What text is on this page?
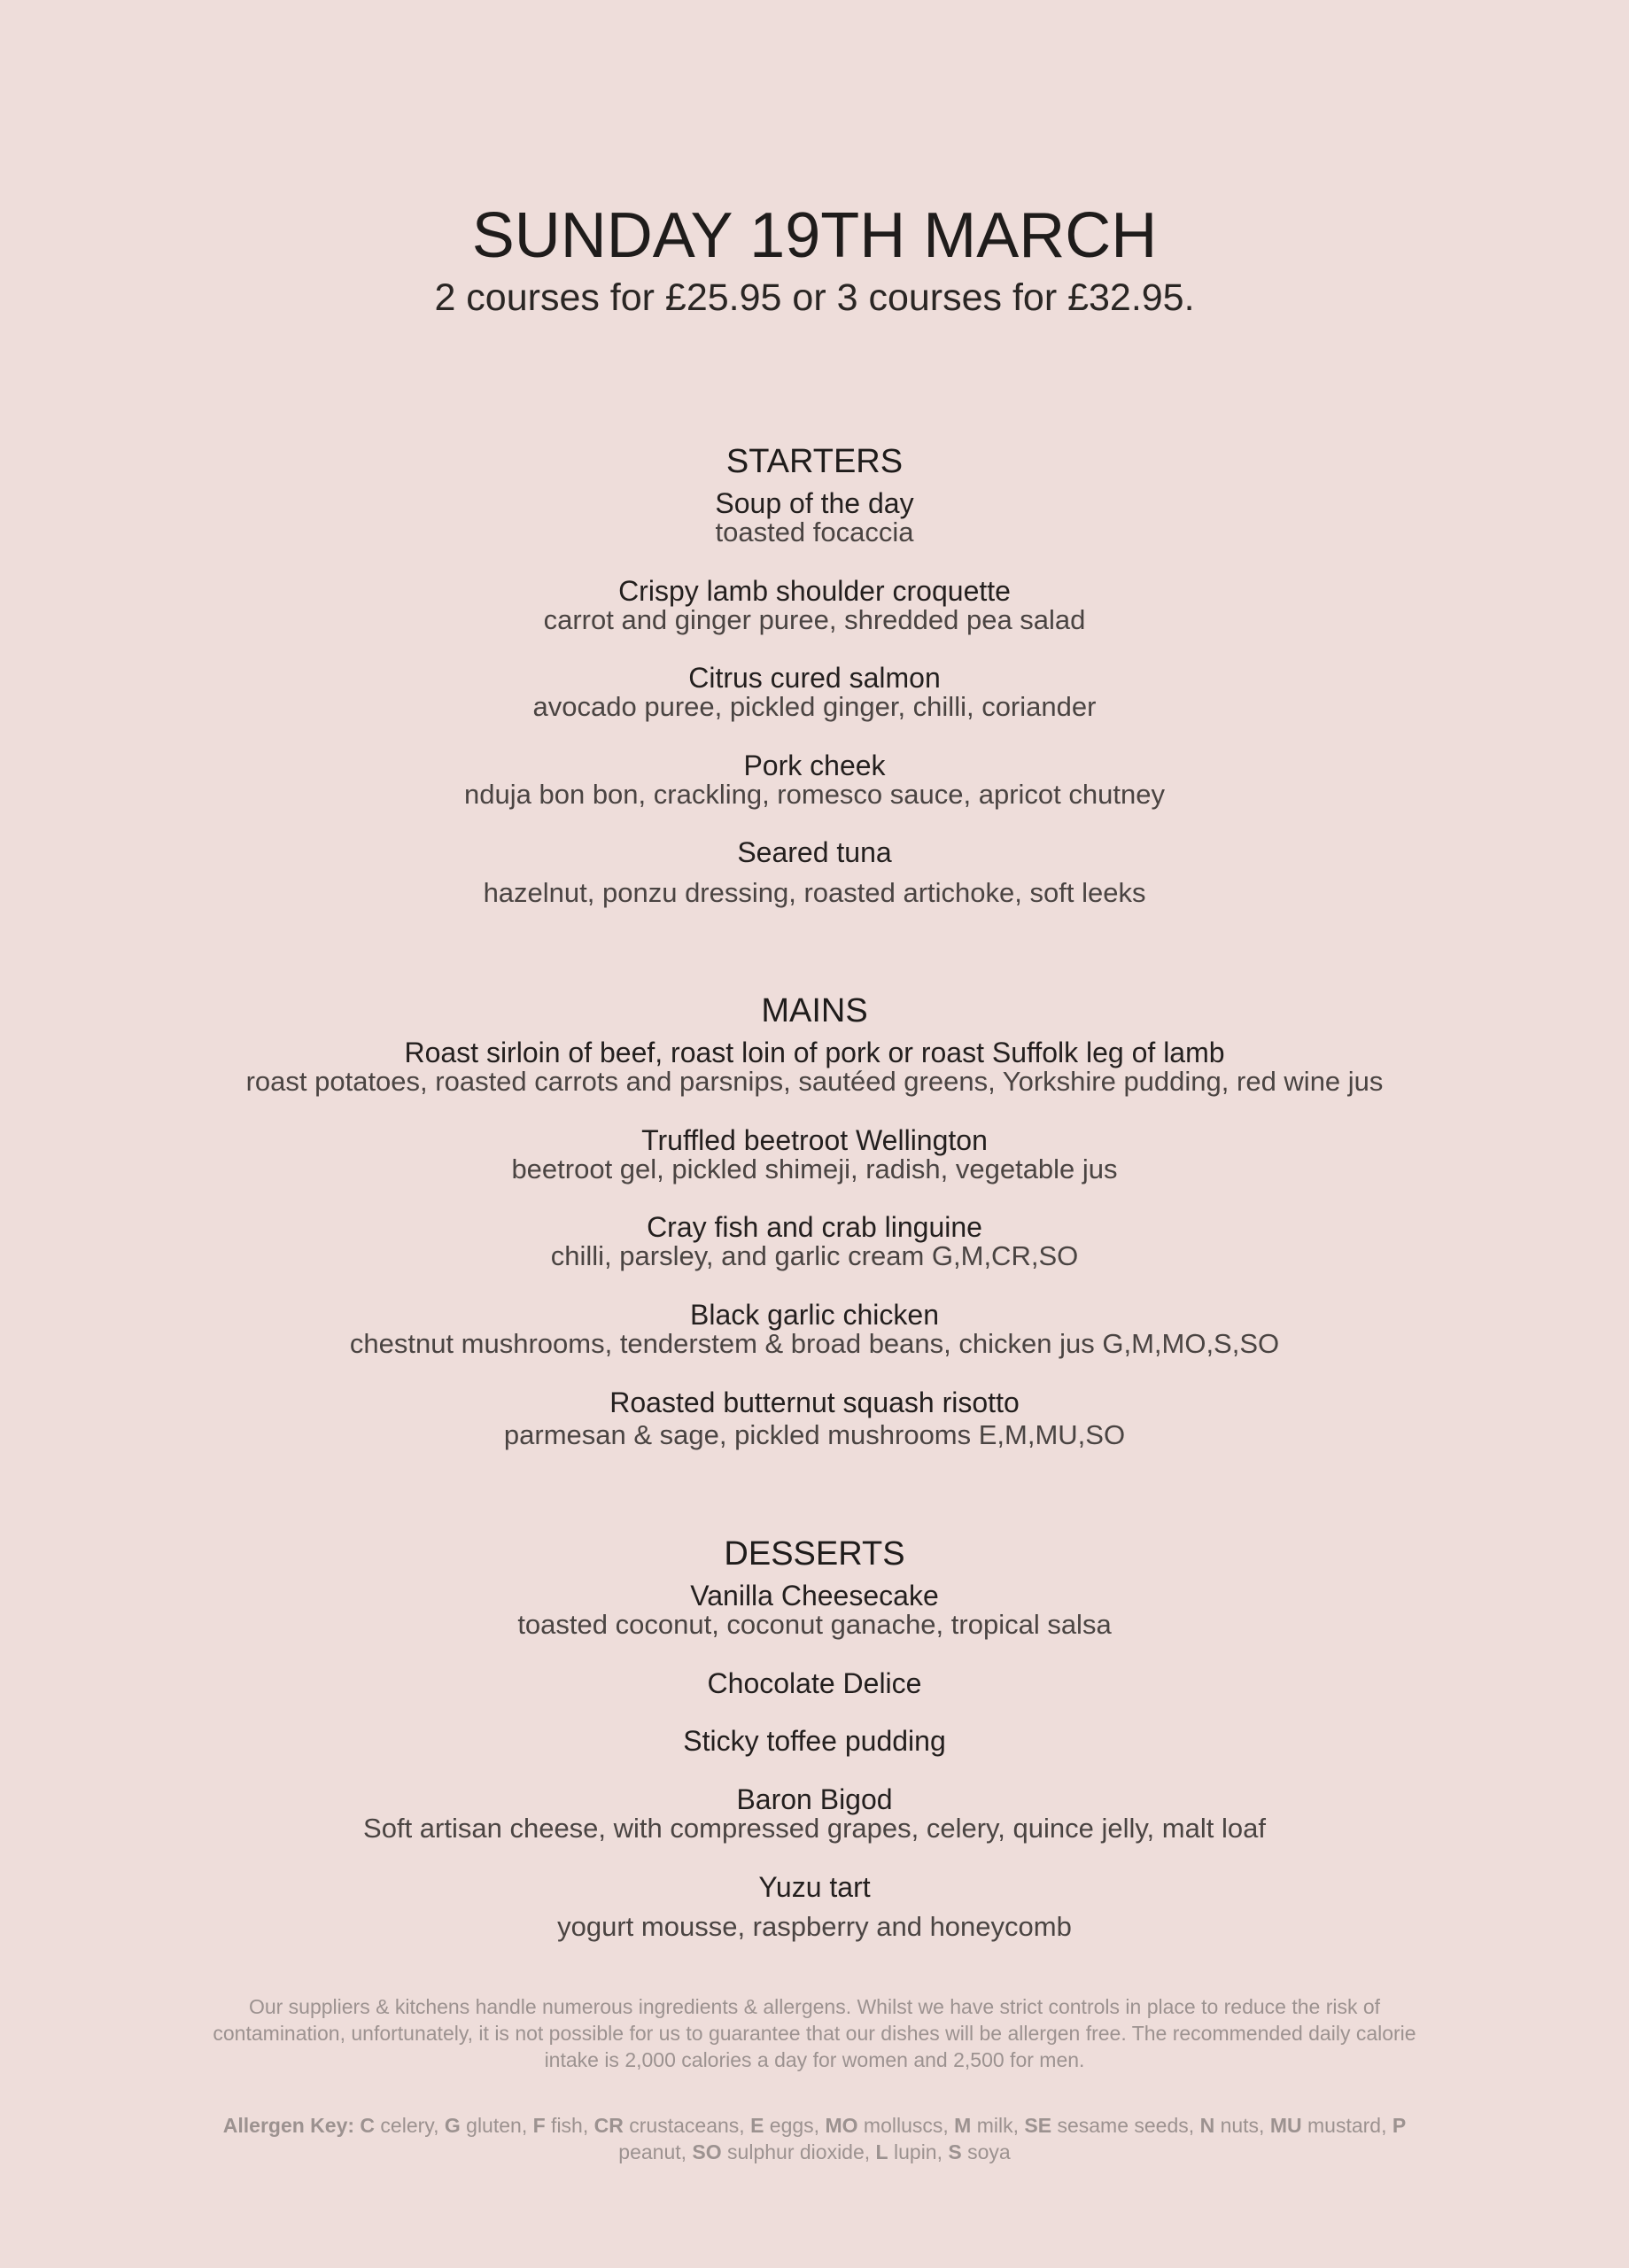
SUNDAY 19TH MARCH
2 courses for £25.95 or 3 courses for £32.95.
STARTERS
Soup of the day
toasted focaccia
Crispy lamb shoulder croquette
carrot and ginger puree, shredded pea salad
Citrus cured salmon
avocado puree, pickled ginger, chilli, coriander
Pork cheek
nduja bon bon, crackling, romesco sauce, apricot chutney
Seared tuna
hazelnut, ponzu dressing, roasted artichoke, soft leeks
MAINS
Roast sirloin of beef, roast loin of pork or roast Suffolk leg of lamb
roast potatoes, roasted carrots and parsnips, sautéed greens, Yorkshire pudding, red wine jus
Truffled beetroot Wellington
beetroot gel, pickled shimeji, radish, vegetable jus
Cray fish and crab linguine
chilli, parsley, and garlic cream G,M,CR,SO
Black garlic chicken
chestnut mushrooms, tenderstem & broad beans, chicken jus G,M,MO,S,SO
Roasted butternut squash risotto
parmesan & sage, pickled mushrooms E,M,MU,SO
DESSERTS
Vanilla Cheesecake
toasted coconut, coconut ganache, tropical salsa
Chocolate Delice
Sticky toffee pudding
Baron Bigod
Soft artisan cheese, with compressed grapes, celery, quince jelly, malt loaf
Yuzu tart
yogurt mousse, raspberry and honeycomb
Our suppliers & kitchens handle numerous ingredients & allergens. Whilst we have strict controls in place to reduce the risk of contamination, unfortunately, it is not possible for us to guarantee that our dishes will be allergen free. The recommended daily calorie intake is 2,000 calories a day for women and 2,500 for men.
Allergen Key: C celery, G gluten, F fish, CR crustaceans, E eggs, MO molluscs, M milk, SE sesame seeds, N nuts, MU mustard, P peanut, SO sulphur dioxide, L lupin, S soya
